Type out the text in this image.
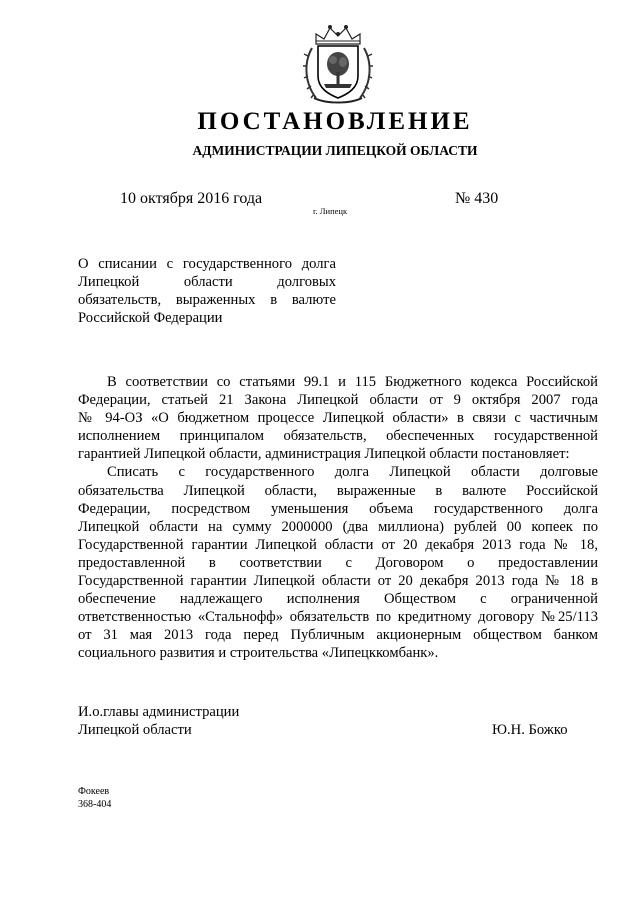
ПОСТАНОВЛЕНИЕ
АДМИНИСТРАЦИИ ЛИПЕЦКОЙ ОБЛАСТИ
10 октября 2016 года
г. Липецк
№ 430
О списании с государственного долга
Липецкой области долговых
обязательств, выраженных в валюте
Российской Федерации
В соответствии со статьями 99.1 и 115 Бюджетного кодекса Российской
Федерации, статьей 21 Закона Липецкой области от 9 октября 2007 года
№ 94-ОЗ «О бюджетном процессе Липецкой области» в связи с частичным
исполнением принципалом обязательств, обеспеченных государственной
гарантией Липецкой области, администрация Липецкой области постановляет:
Списать с государственного долга Липецкой области долговые
обязательства Липецкой области, выраженные в валюте Российской
Федерации, посредством уменьшения объема государственного долга
Липецкой области на сумму 2000000 (два миллиона) рублей 00 копеек по
Государственной гарантии Липецкой области от 20 декабря 2013 года № 18,
предоставленной в соответствии с Договором о предоставлении
Государственной гарантии Липецкой области от 20 декабря 2013 года № 18 в
обеспечение надлежащего исполнения Обществом с ограниченной
ответственностью «Стальнофф» обязательств по кредитному договору №25/113
от 31 мая 2013 года перед Публичным акционерным обществом банком
социального развития и строительства «Липецккомбанк».
И.о.главы администрации
Липецкой области	Ю.Н. Божко
Фокеев
368-404
